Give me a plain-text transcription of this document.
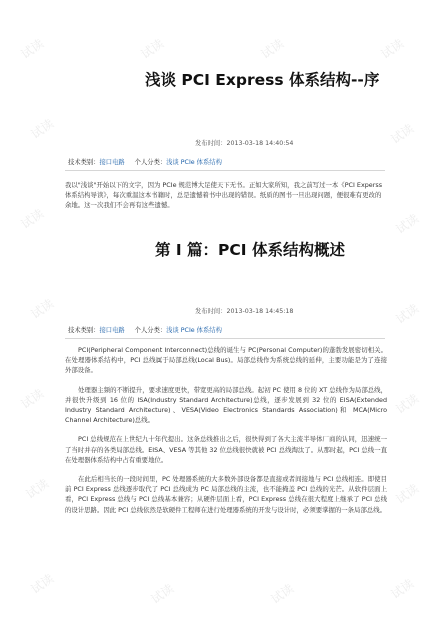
试读	试读	试读	试读
试读	试读
试读	试读
试读	试读
试读	试读
试读	试读
试读	试读	试读	试读
浅谈 PCI Express 体系结构--序
发布时间：2013-03-18 14:40:54
技术类别：接口电路 个人分类：浅谈 PCIe 体系结构

我以"浅谈"开始以下的文字，因为 PCIe 规范博大足使天下无书。正如大家所知，我之前写过一本《PCI Experss 体系结构导读》，每次重温这本书籍时，总是遗憾着书中出现的错误。纸质的图书一旦出现问题，便很难有更改的余地。这一次我们不会再有这些遗憾。

第 I 篇：PCI 体系结构概述
发布时间：2013-03-18 14:45:18
技术类别：接口电路 个人分类：浅谈 PCIe 体系结构

PCI(Peripheral Component Interconnect)总线的诞生与 PC(Personal Computer)的蓬勃发展密切相关。在处理器体系结构中，PCI 总线属于局部总线(Local Bus)。局部总线作为系统总线的延伸，主要功能是为了连接外部设备。

处理器主频的不断提升，要求速度更快，带宽更高的局部总线。起初 PC 使用 8 位的 XT 总线作为局部总线，并很快升级到 16 位的 ISA(Industry Standard Architecture)总线，逐步发展到 32 位的 EISA(Extended Industry Standard Architecture)、VESA(Video Electronics Standards Association)和 MCA(Micro Channel Architecture)总线。

PCI 总线规范在上世纪九十年代提出。这条总线推出之后，很快得到了各大主流半导体厂商的认同，迅速统一了当时并存的各类局部总线。EISA、VESA 等其他 32 位总线很快就被 PCI 总线淘汰了。从那时起，PCI 总线一直在处理器体系结构中占有重要地位。

在此后相当长的一段时间里，PC 处理器系统的大多数外部设备都是直接或者间接地与 PCI 总线相连。即使目前 PCI Express 总线逐步取代了 PCI 总线成为 PC 局部总线的主流，也不能掩盖 PCI 总线的光芒。从软件层面上看，PCI Express 总线与 PCI 总线基本兼容；从硬件层面上看，PCI Express 总线在很大程度上继承了 PCI 总线的设计思路。因此 PCI 总线依然是软硬件工程师在进行处理器系统的开发与设计时，必须要掌握的一条局部总线。
